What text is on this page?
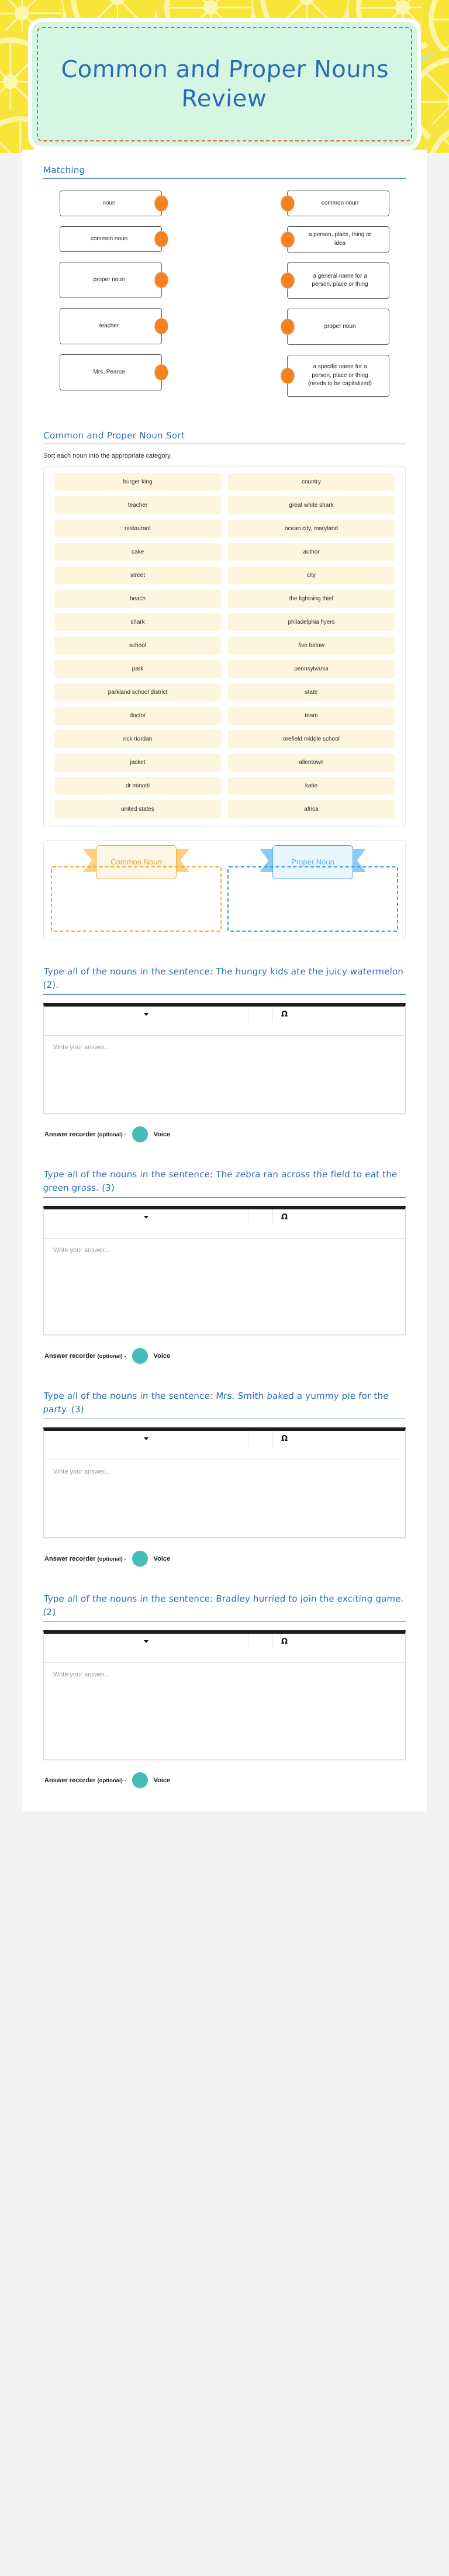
Common and Proper Nouns Review
Matching
noun
common noun
proper noun
teacher
Mrs. Pearce
common noun
a person, place, thing or idea
a general name for a person, place or thing
proper noun
a specific name for a person, place or thing (needs to be capitalized)
Common and Proper Noun Sort
Sort each noun into the appropriate category.
burger king	country
teacher	great white shark
restaurant	ocean city, maryland
cake	author
street	city
beach	the lightning thief
shark	philadelphia flyers
school	five below
park	pennsylvania
parkland school district	state
doctor	team
rick riordan	orefield middle school
jacket	allentown
dr minotti	katie
united states	africa
Common Noun	Proper Noun
Type all of the nouns in the sentence: The hungry kids ate the juicy watermelon (2).
Ω
Write your answer...
Answer recorder (optional) -	Voice
Type all of the nouns in the sentence: The zebra ran across the field to eat the green grass. (3)
Ω
Write your answer...
Answer recorder (optional) -	Voice
Type all of the nouns in the sentence: Mrs. Smith baked a yummy pie for the party. (3)
Ω
Write your answer...
Answer recorder (optional) -	Voice
Type all of the nouns in the sentence: Bradley hurried to join the exciting game. (2)
Ω
Write your answer...
Answer recorder (optional) -	Voice
